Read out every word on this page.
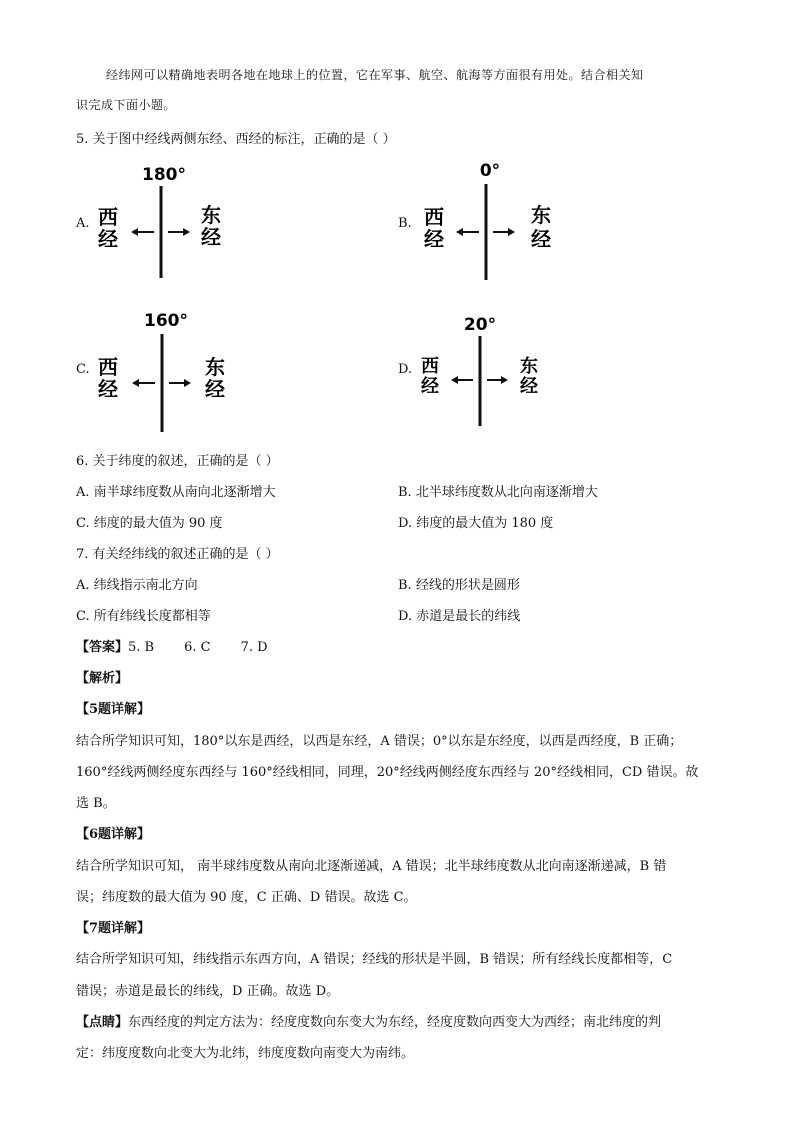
经纬网可以精确地表明各地在地球上的位置，它在军事、航空、航海等方面很有用处。结合相关知
识完成下面小题。
5. 关于图中经线两侧东经、西经的标注，正确的是（ ）
A.
180°
西
经
东
经
B.
0°
西
经
东
经
C.
160°
西
经
东
经
D.
20°
西
经
东
经
6. 关于纬度的叙述，正确的是（ ）
A. 南半球纬度数从南向北逐渐增大	B. 北半球纬度数从北向南逐渐增大
C. 纬度的最大值为 90 度	D. 纬度的最大值为 180 度
7. 有关经纬线的叙述正确的是（ ）
A. 纬线指示南北方向	B. 经线的形状是圆形
C. 所有纬线长度都相等	D. 赤道是最长的纬线
【答案】5. B 6. C 7. D
【解析】
【5题详解】
结合所学知识可知，180°以东是西经，以西是东经，A 错误；0°以东是东经度，以西是西经度，B 正确；
160°经线两侧经度东西经与 160°经线相同，同理，20°经线两侧经度东西经与 20°经线相同，CD 错误。故
选 B。
【6题详解】
结合所学知识可知， 南半球纬度数从南向北逐渐递减，A 错误；北半球纬度数从北向南逐渐递减，B 错
误；纬度数的最大值为 90 度，C 正确、D 错误。故选 C。
【7题详解】
结合所学知识可知，纬线指示东西方向，A 错误；经线的形状是半圆，B 错误；所有经线长度都相等，C
错误；赤道是最长的纬线，D 正确。故选 D。
【点睛】东西经度的判定方法为：经度度数向东变大为东经，经度度数向西变大为西经；南北纬度的判
定：纬度度数向北变大为北纬，纬度度数向南变大为南纬。
